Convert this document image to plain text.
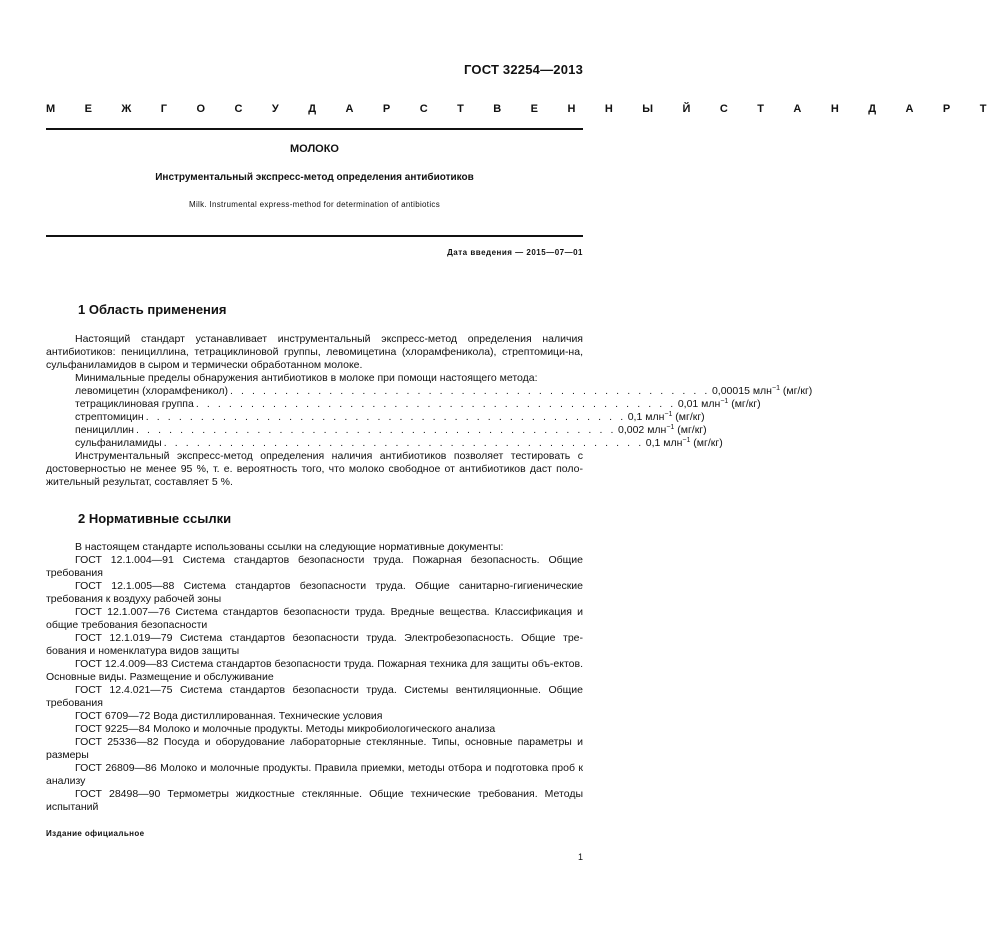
ГОСТ 32254—2013
М Е Ж Г О С У Д А Р С Т В Е Н Н Ы Й С Т А Н Д А Р Т
МОЛОКО
Инструментальный экспресс-метод определения антибиотиков
Milk. Instrumental express-method for determination of antibiotics
Дата введения — 2015—07—01
1 Область применения

Настоящий стандарт устанавливает инструментальный экспресс-метод определения наличия антибиотиков: пенициллина, тетрациклиновой группы, левомицетина (хлорамфеникола), стрептомици-на, сульфаниламидов в сыром и термически обработанном молоке.

Минимальные пределы обнаружения антибиотиков в молоке при помощи настоящего метода:

левомицетин (хлорамфеникол) . . . . . . . . . . . . . . . . . . . . . . . . . . . . . . . . . . . . . . . . . . . . 0,00015 млн$^{-1}$ (мг/кг)
тетрациклиновая группа . . . . . . . . . . . . . . . . . . . . . . . . . . . . . . . . . . . . . . . . . . . . 0,01 млн$^{-1}$ (мг/кг)
стрептомицин . . . . . . . . . . . . . . . . . . . . . . . . . . . . . . . . . . . . . . . . . . . . 0,1 млн$^{-1}$ (мг/кг)
пенициллин . . . . . . . . . . . . . . . . . . . . . . . . . . . . . . . . . . . . . . . . . . . . 0,002 млн$^{-1}$ (мг/кг)
сульфаниламиды . . . . . . . . . . . . . . . . . . . . . . . . . . . . . . . . . . . . . . . . . . . . 0,1 млн$^{-1}$ (мг/кг)

Инструментальный экспресс-метод определения наличия антибиотиков позволяет тестировать с достоверностью не менее 95 %, т. е. вероятность того, что молоко свободное от антибиотиков даст поло-жительный результат, составляет 5 %.

2 Нормативные ссылки

В настоящем стандарте использованы ссылки на следующие нормативные документы:

ГОСТ 12.1.004—91 Система стандартов безопасности труда. Пожарная безопасность. Общие требования

ГОСТ 12.1.005—88 Система стандартов безопасности труда. Общие санитарно-гигиенические требования к воздуху рабочей зоны

ГОСТ 12.1.007—76 Система стандартов безопасности труда. Вредные вещества. Классификация и общие требования безопасности

ГОСТ 12.1.019—79 Система стандартов безопасности труда. Электробезопасность. Общие тре-бования и номенклатура видов защиты

ГОСТ 12.4.009—83 Система стандартов безопасности труда. Пожарная техника для защиты объ-ектов. Основные виды. Размещение и обслуживание

ГОСТ 12.4.021—75 Система стандартов безопасности труда. Системы вентиляционные. Общие требования

ГОСТ 6709—72 Вода дистиллированная. Технические условия

ГОСТ 9225—84 Молоко и молочные продукты. Методы микробиологического анализа

ГОСТ 25336—82 Посуда и оборудование лабораторные стеклянные. Типы, основные параметры и размеры

ГОСТ 26809—86 Молоко и молочные продукты. Правила приемки, методы отбора и подготовка проб к анализу

ГОСТ 28498—90 Термометры жидкостные стеклянные. Общие технические требования. Методы испытаний

Издание официальное
1
